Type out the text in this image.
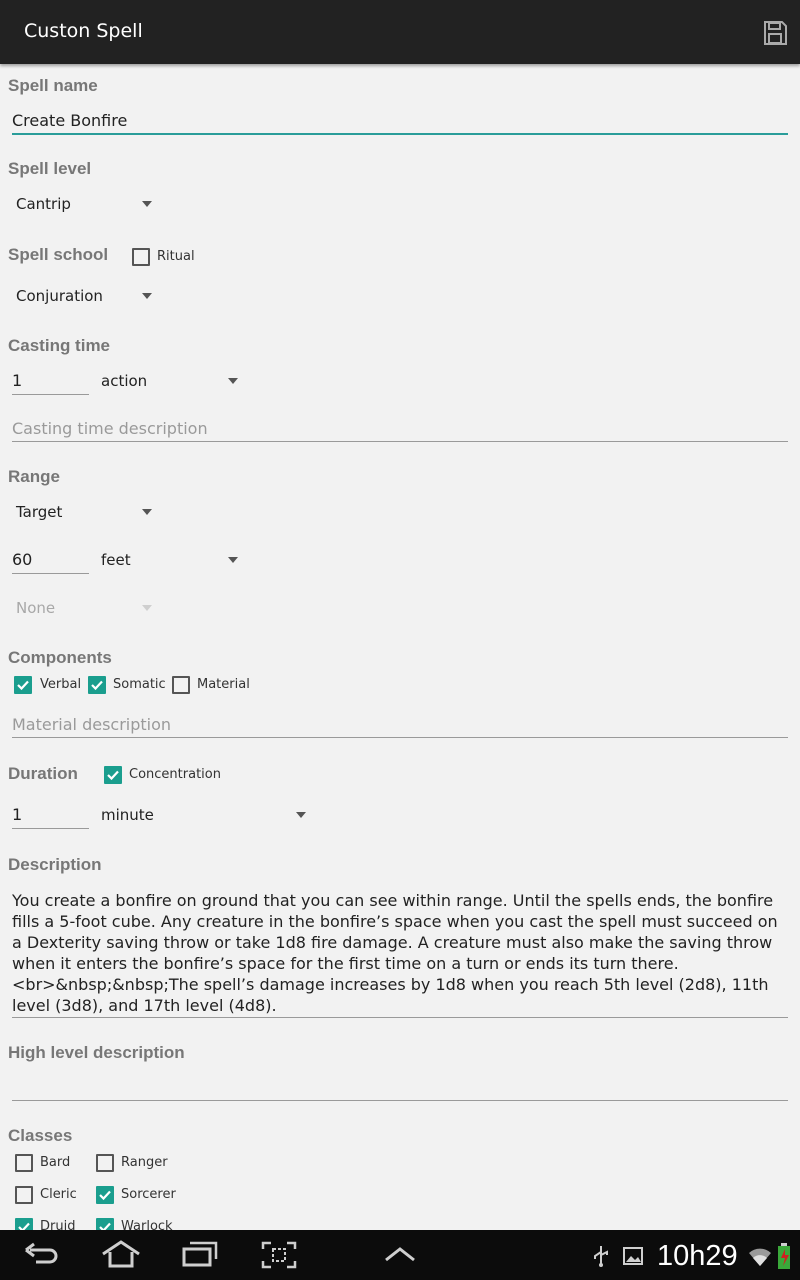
Custon Spell
Spell name
Create Bonfire
Spell level
Cantrip
Spell school	Ritual
Conjuration
Casting time
1	action
Casting time description
Range
Target
60	feet
None
Components
Verbal Somatic Material
Material description
Duration	Concentration
1	minute
Description
You create a bonfire on ground that you can see within range. Until the spells ends, the bonfire fills a 5-foot cube. Any creature in the bonfire’s space when you cast the spell must succeed on a Dexterity saving throw or take 1d8 fire damage. A creature must also make the saving throw when it enters the bonfire’s space for the first time on a turn or ends its turn there.<br>&nbsp;&nbsp;The spell’s damage increases by 1d8 when you reach 5th level (2d8), 11th level (3d8), and 17th level (4d8).
High level description
Classes
Bard	Ranger
Cleric	Sorcerer
Druid	Warlock
10h29
